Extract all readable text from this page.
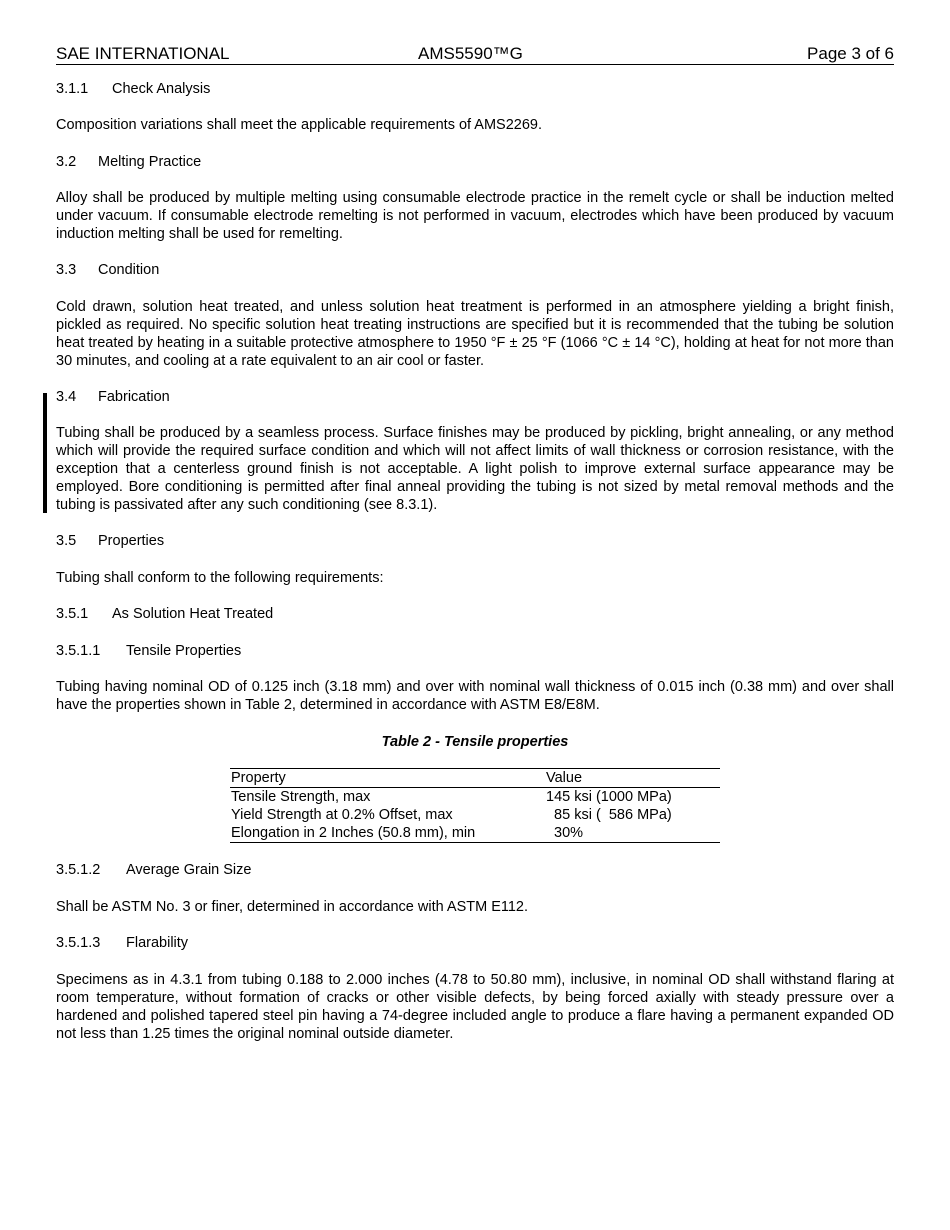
SAE INTERNATIONAL	AMS5590™G	Page 3 of 6
3.1.1 Check Analysis
Composition variations shall meet the applicable requirements of AMS2269.
3.2 Melting Practice
Alloy shall be produced by multiple melting using consumable electrode practice in the remelt cycle or shall be induction melted under vacuum. If consumable electrode remelting is not performed in vacuum, electrodes which have been produced by vacuum induction melting shall be used for remelting.
3.3 Condition
Cold drawn, solution heat treated, and unless solution heat treatment is performed in an atmosphere yielding a bright finish, pickled as required. No specific solution heat treating instructions are specified but it is recommended that the tubing be solution heat treated by heating in a suitable protective atmosphere to 1950 °F ± 25 °F (1066 °C ± 14 °C), holding at heat for not more than 30 minutes, and cooling at a rate equivalent to an air cool or faster.
3.4 Fabrication
Tubing shall be produced by a seamless process. Surface finishes may be produced by pickling, bright annealing, or any method which will provide the required surface condition and which will not affect limits of wall thickness or corrosion resistance, with the exception that a centerless ground finish is not acceptable. A light polish to improve external surface appearance may be employed. Bore conditioning is permitted after final anneal providing the tubing is not sized by metal removal methods and the tubing is passivated after any such conditioning (see 8.3.1).
3.5 Properties
Tubing shall conform to the following requirements:
3.5.1 As Solution Heat Treated
3.5.1.1 Tensile Properties
Tubing having nominal OD of 0.125 inch (3.18 mm) and over with nominal wall thickness of 0.015 inch (0.38 mm) and over shall have the properties shown in Table 2, determined in accordance with ASTM E8/E8M.
Table 2 - Tensile properties
Property	Value
Tensile Strength, max	145 ksi (1000 MPa)
Yield Strength at 0.2% Offset, max	85 ksi (  586 MPa)
Elongation in 2 Inches (50.8 mm), min	30%
3.5.1.2 Average Grain Size
Shall be ASTM No. 3 or finer, determined in accordance with ASTM E112.
3.5.1.3 Flarability
Specimens as in 4.3.1 from tubing 0.188 to 2.000 inches (4.78 to 50.80 mm), inclusive, in nominal OD shall withstand flaring at room temperature, without formation of cracks or other visible defects, by being forced axially with steady pressure over a hardened and polished tapered steel pin having a 74-degree included angle to produce a flare having a permanent expanded OD not less than 1.25 times the original nominal outside diameter.
